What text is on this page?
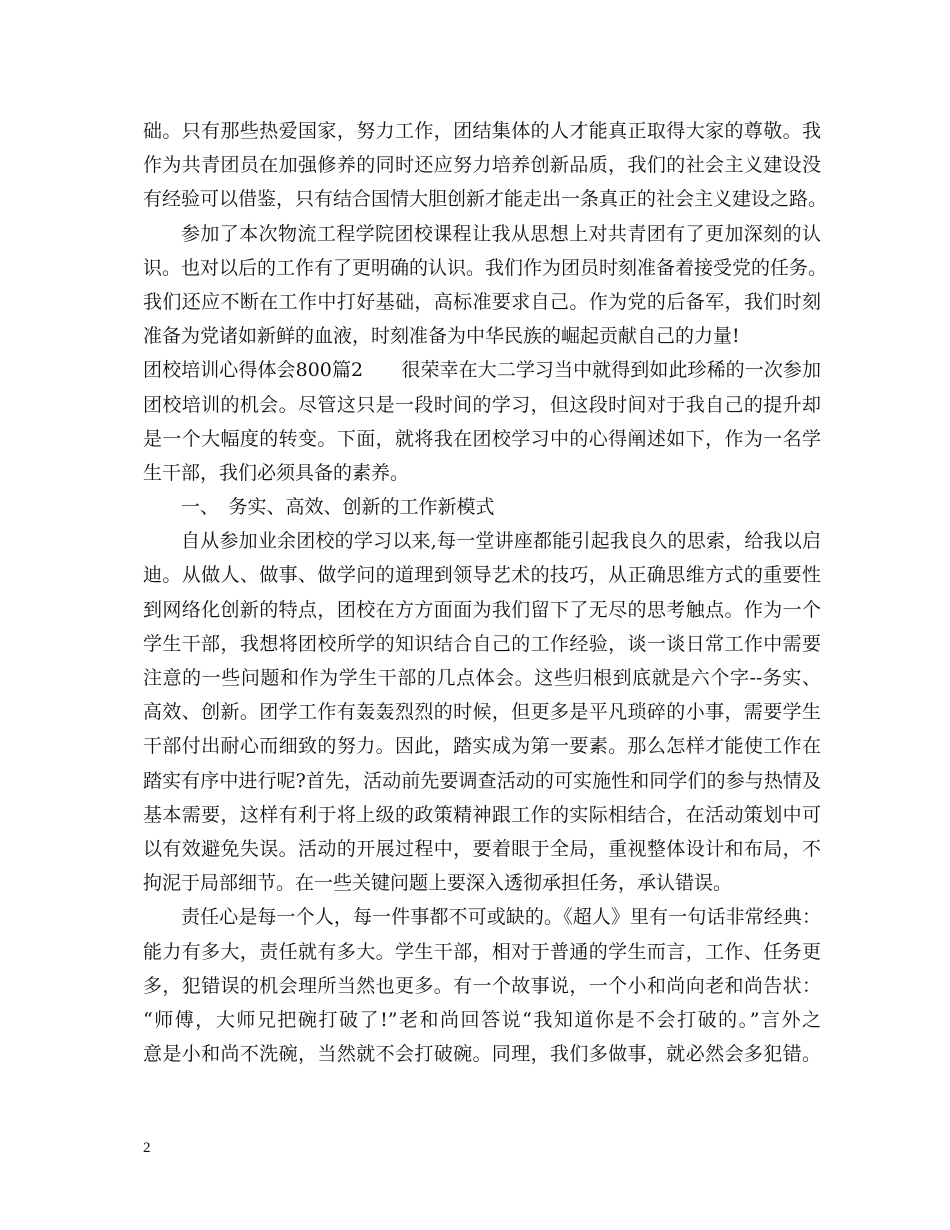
础。只有那些热爱国家，努力工作，团结集体的人才能真正取得大家的尊敬。我
作为共青团员在加强修养的同时还应努力培养创新品质，我们的社会主义建设没
有经验可以借鉴，只有结合国情大胆创新才能走出一条真正的社会主义建设之路。
参加了本次物流工程学院团校课程让我从思想上对共青团有了更加深刻的认
识。也对以后的工作有了更明确的认识。我们作为团员时刻准备着接受党的任务。
我们还应不断在工作中打好基础，高标准要求自己。作为党的后备军，我们时刻
准备为党诸如新鲜的血液，时刻准备为中华民族的崛起贡献自己的力量!
团校培训心得体会800篇2　　很荣幸在大二学习当中就得到如此珍稀的一次参加
团校培训的机会。尽管这只是一段时间的学习，但这段时间对于我自己的提升却
是一个大幅度的转变。下面，就将我在团校学习中的心得阐述如下，作为一名学
生干部，我们必须具备的素养。
一、　务实、高效、创新的工作新模式
自从参加业余团校的学习以来,每一堂讲座都能引起我良久的思索，给我以启
迪。从做人、做事、做学问的道理到领导艺术的技巧，从正确思维方式的重要性
到网络化创新的特点，团校在方方面面为我们留下了无尽的思考触点。作为一个
学生干部，我想将团校所学的知识结合自己的工作经验，谈一谈日常工作中需要
注意的一些问题和作为学生干部的几点体会。这些归根到底就是六个字--务实、
高效、创新。团学工作有轰轰烈烈的时候，但更多是平凡琐碎的小事，需要学生
干部付出耐心而细致的努力。因此，踏实成为第一要素。那么怎样才能使工作在
踏实有序中进行呢?首先，活动前先要调查活动的可实施性和同学们的参与热情及
基本需要，这样有利于将上级的政策精神跟工作的实际相结合，在活动策划中可
以有效避免失误。活动的开展过程中，要着眼于全局，重视整体设计和布局，不
拘泥于局部细节。在一些关键问题上要深入透彻承担任务，承认错误。
责任心是每一个人，每一件事都不可或缺的。《超人》里有一句话非常经典：
能力有多大，责任就有多大。学生干部，相对于普通的学生而言，工作、任务更
多，犯错误的机会理所当然也更多。有一个故事说，一个小和尚向老和尚告状：
“师傅，大师兄把碗打破了!”老和尚回答说“我知道你是不会打破的。”言外之
意是小和尚不洗碗，当然就不会打破碗。同理，我们多做事，就必然会多犯错。
2
